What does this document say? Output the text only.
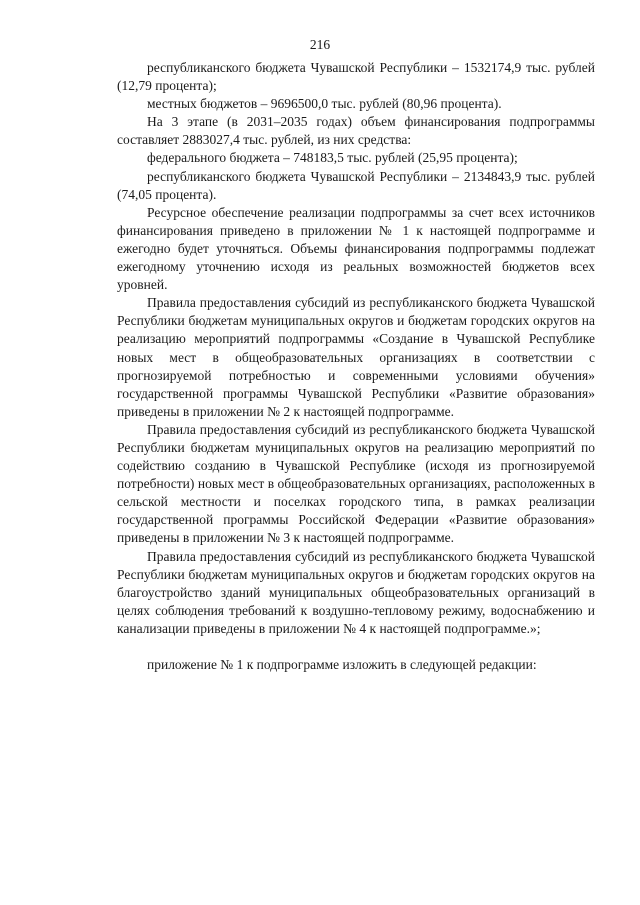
216

республиканского бюджета Чувашской Республики – 1532174,9 тыс. рублей (12,79 процента);

местных бюджетов – 9696500,0 тыс. рублей (80,96 процента).

На 3 этапе (в 2031–2035 годах) объем финансирования подпрограммы составляет 2883027,4 тыс. рублей, из них средства:

федерального бюджета – 748183,5 тыс. рублей (25,95 процента);

республиканского бюджета Чувашской Республики – 2134843,9 тыс. рублей (74,05 процента).

Ресурсное обеспечение реализации подпрограммы за счет всех источников финансирования приведено в приложении № 1 к настоящей подпрограмме и ежегодно будет уточняться. Объемы финансирования подпрограммы подлежат ежегодному уточнению исходя из реальных возможностей бюджетов всех уровней.

Правила предоставления субсидий из республиканского бюджета Чувашской Республики бюджетам муниципальных округов и бюджетам городских округов на реализацию мероприятий подпрограммы «Создание в Чувашской Республике новых мест в общеобразовательных организациях в соответствии с прогнозируемой потребностью и современными условиями обучения» государственной программы Чувашской Республики «Развитие образования» приведены в приложении № 2 к настоящей подпрограмме.

Правила предоставления субсидий из республиканского бюджета Чувашской Республики бюджетам муниципальных округов на реализацию мероприятий по содействию созданию в Чувашской Республике (исходя из прогнозируемой потребности) новых мест в общеобразовательных организациях, расположенных в сельской местности и поселках городского типа, в рамках реализации государственной программы Российской Федерации «Развитие образования» приведены в приложении № 3 к настоящей подпрограмме.

Правила предоставления субсидий из республиканского бюджета Чувашской Республики бюджетам муниципальных округов и бюджетам городских округов на благоустройство зданий муниципальных общеобразовательных организаций в целях соблюдения требований к воздушно-тепловому режиму, водоснабжению и канализации приведены в приложении № 4 к настоящей подпрограмме.»;

приложение № 1 к подпрограмме изложить в следующей редакции:
